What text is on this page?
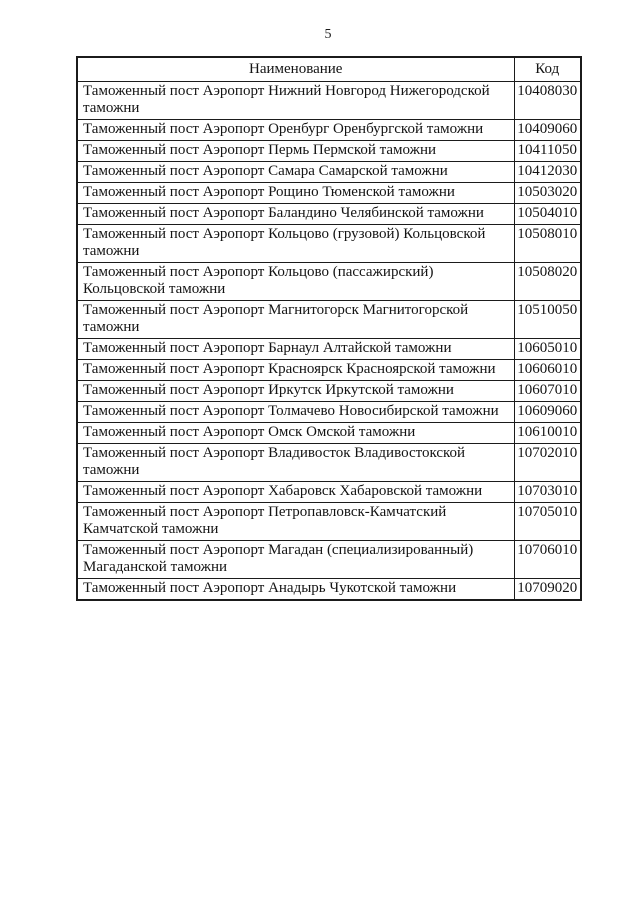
5
Наименование	Код
Таможенный пост Аэропорт Нижний Новгород Нижегородской таможни	10408030
Таможенный пост Аэропорт Оренбург Оренбургской таможни	10409060
Таможенный пост Аэропорт Пермь Пермской таможни	10411050
Таможенный пост Аэропорт Самара Самарской таможни	10412030
Таможенный пост Аэропорт Рощино Тюменской таможни	10503020
Таможенный пост Аэропорт Баландино Челябинской таможни	10504010
Таможенный пост Аэропорт Кольцово (грузовой) Кольцовской таможни	10508010
Таможенный пост Аэропорт Кольцово (пассажирский) Кольцовской таможни	10508020
Таможенный пост Аэропорт Магнитогорск Магнитогорской таможни	10510050
Таможенный пост Аэропорт Барнаул Алтайской таможни	10605010
Таможенный пост Аэропорт Красноярск Красноярской таможни	10606010
Таможенный пост Аэропорт Иркутск Иркутской таможни	10607010
Таможенный пост Аэропорт Толмачево Новосибирской таможни	10609060
Таможенный пост Аэропорт Омск Омской таможни	10610010
Таможенный пост Аэропорт Владивосток Владивостокской таможни	10702010
Таможенный пост Аэропорт Хабаровск Хабаровской таможни	10703010
Таможенный пост Аэропорт Петропавловск-Камчатский Камчатской таможни	10705010
Таможенный пост Аэропорт Магадан (специализированный) Магаданской таможни	10706010
Таможенный пост Аэропорт Анадырь Чукотской таможни	10709020
